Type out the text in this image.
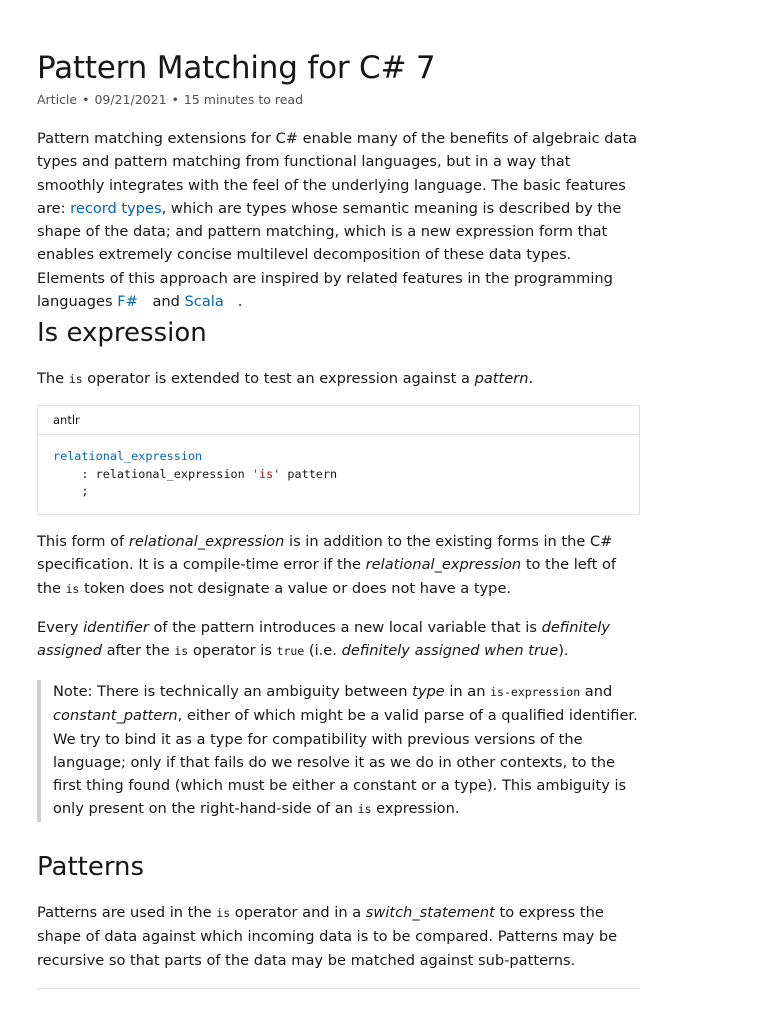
Pattern Matching for C# 7
Article • 09/21/2021 • 15 minutes to read

Pattern matching extensions for C# enable many of the benefits of algebraic data types and pattern matching from functional languages, but in a way that smoothly integrates with the feel of the underlying language. The basic features are: record types, which are types whose semantic meaning is described by the shape of the data; and pattern matching, which is a new expression form that enables extremely concise multilevel decomposition of these data types. Elements of this approach are inspired by related features in the programming languages F# and Scala .

Is expression

The is operator is extended to test an expression against a pattern.

antlr
relational_expression
: relational_expression 'is' pattern
;

This form of relational_expression is in addition to the existing forms in the C# specification. It is a compile-time error if the relational_expression to the left of the is token does not designate a value or does not have a type.

Every identifier of the pattern introduces a new local variable that is definitely assigned after the is operator is true (i.e. definitely assigned when true).

Note: There is technically an ambiguity between type in an is-expression and constant_pattern, either of which might be a valid parse of a qualified identifier. We try to bind it as a type for compatibility with previous versions of the language; only if that fails do we resolve it as we do in other contexts, to the first thing found (which must be either a constant or a type). This ambiguity is only present on the right-hand-side of an is expression.

Patterns

Patterns are used in the is operator and in a switch_statement to express the shape of data against which incoming data is to be compared. Patterns may be recursive so that parts of the data may be matched against sub-patterns.
